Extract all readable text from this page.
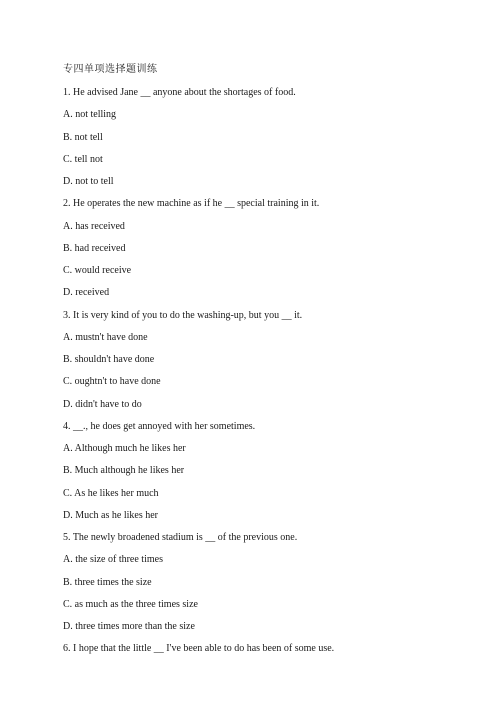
专四单项选择题训练
1. He advised Jane __ anyone about the shortages of food.
A. not telling
B. not tell
C. tell not
D. not to tell
2. He operates the new machine as if he __ special training in it.
A. has received
B. had received
C. would receive
D. received
3. It is very kind of you to do the washing-up, but you __ it.
A. mustn't have done
B. shouldn't have done
C. oughtn't to have done
D. didn't have to do
4. __., he does get annoyed with her sometimes.
A. Although much he likes her
B. Much although he likes her
C. As he likes her much
D. Much as he likes her
5. The newly broadened stadium is __ of the previous one.
A. the size of three times
B. three times the size
C. as much as the three times size
D. three times more than the size
6. I hope that the little __ I've been able to do has been of some use.
